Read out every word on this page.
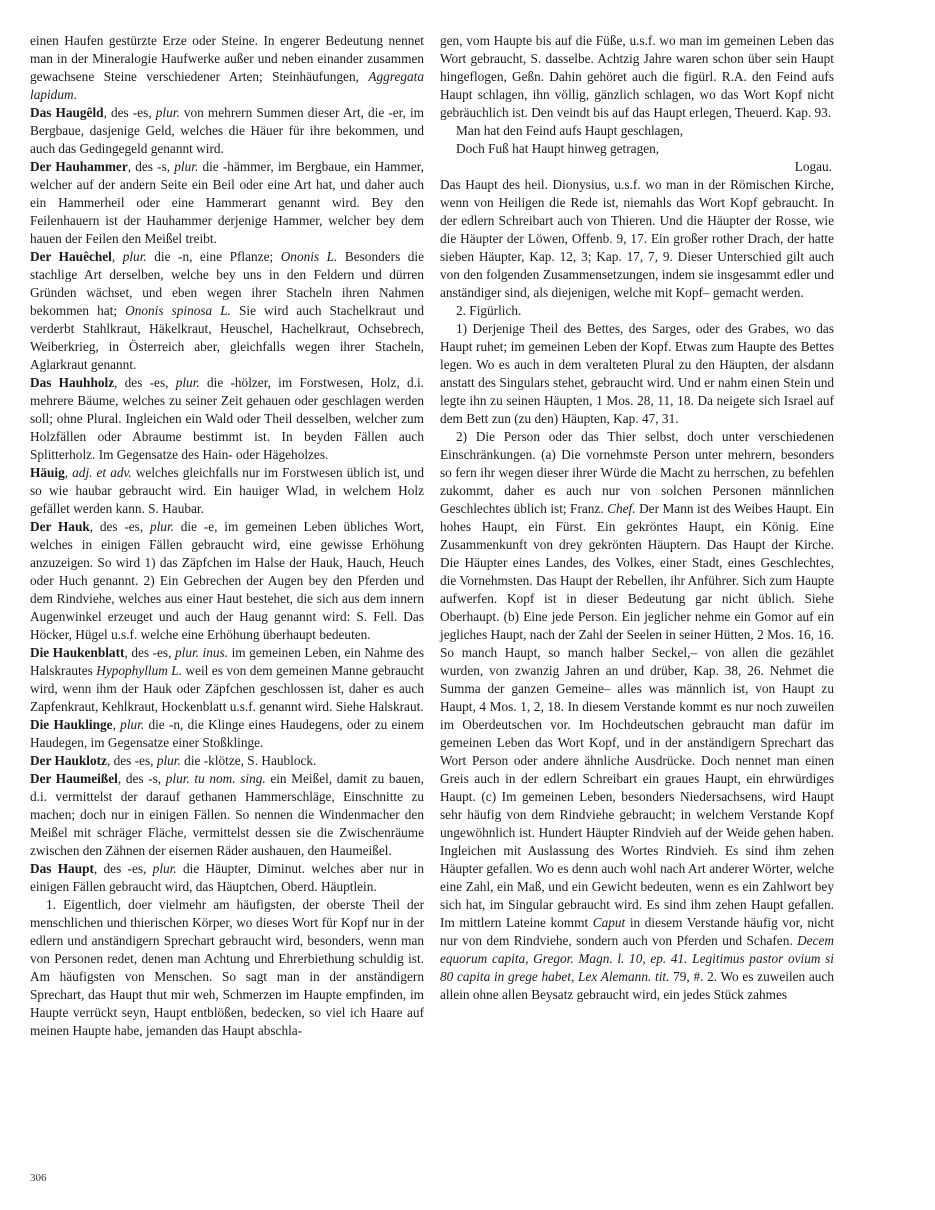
einen Haufen gestürzte Erze oder Steine. In engerer Bedeutung nennet man in der Mineralogie Haufwerke außer und neben einander zusammen gewachsene Steine verschiedener Arten; Steinhäufungen, Aggregata lapidum.

Das Haugêld, des -es, plur. von mehrern Summen dieser Art, die -er, im Bergbaue, dasjenige Geld, welches die Häuer für ihre bekommen, und auch das Gedingegeld genannt wird.

Der Hauhammer, des -s, plur. die -hämmer, im Bergbaue, ein Hammer, welcher auf der andern Seite ein Beil oder eine Art hat, und daher auch ein Hammerheil oder eine Hammerart genannt wird. Bey den Feilenhauern ist der Hauhammer derjenige Hammer, welcher bey dem hauen der Feilen den Meißel treibt.

Der Hauêchel, plur. die -n, eine Pflanze; Ononis L. Besonders die stachlige Art derselben, welche bey uns in den Feldern und dürren Gründen wächset, und eben wegen ihrer Stacheln ihren Nahmen bekommen hat; Ononis spinosa L. Sie wird auch Stachelkraut und verderbt Stahlkraut, Häkelkraut, Heuschel, Hachelkraut, Ochsebrech, Weiberkrieg, in Österreich aber, gleichfalls wegen ihrer Stacheln, Aglarkraut genannt.

Das Hauhholz, des -es, plur. die -hölzer, im Forstwesen, Holz, d.i. mehrere Bäume, welches zu seiner Zeit gehauen oder geschlagen werden soll; ohne Plural. Ingleichen ein Wald oder Theil desselben, welcher zum Holzfällen oder Abraume bestimmt ist. In beyden Fällen auch Splitterholz. Im Gegensatze des Hain- oder Hägeholzes.

Häuig, adj. et adv. welches gleichfalls nur im Forstwesen üblich ist, und so wie haubar gebraucht wird. Ein hauiger Wlad, in welchem Holz gefället werden kann. S. Haubar.

Der Hauk, des -es, plur. die -e, im gemeinen Leben übliches Wort, welches in einigen Fällen gebraucht wird, eine gewisse Erhöhung anzuzeigen. So wird 1) das Zäpfchen im Halse der Hauk, Hauch, Heuch oder Huch genannt. 2) Ein Gebrechen der Augen bey den Pferden und dem Rindviehe, welches aus einer Haut bestehet, die sich aus dem innern Augenwinkel erzeuget und auch der Haug genannt wird: S. Fell. Das Höcker, Hügel u.s.f. welche eine Erhöhung überhaupt bedeuten.

Die Haukenblatt, des -es, plur. inus. im gemeinen Leben, ein Nahme des Halskrautes Hypophyllum L. weil es von dem gemeinen Manne gebraucht wird, wenn ihm der Hauk oder Zäpfchen geschlossen ist, daher es auch Zapfenkraut, Kehlkraut, Hockenblatt u.s.f. genannt wird. Siehe Halskraut.

Die Hauklinge, plur. die -n, die Klinge eines Haudegens, oder zu einem Haudegen, im Gegensatze einer Stoßklinge.

Der Hauklotz, des -es, plur. die -klötze, S. Haublock.

Der Haumeißel, des -s, plur. tu nom. sing. ein Meißel, damit zu bauen, d.i. vermittelst der darauf gethanen Hammerschläge, Einschnitte zu machen; doch nur in einigen Fällen. So nennen die Windenmacher den Meißel mit schräger Fläche, vermittelst dessen sie die Zwischenräume zwischen den Zähnen der eisernen Räder aushauen, den Haumeißel.

Das Haupt, des -es, plur. die Häupter, Diminut. welches aber nur in einigen Fällen gebraucht wird, das Häuptchen, Oberd. Häuptlein.

1. Eigentlich, doer vielmehr am häufigsten, der oberste Theil der menschlichen und thierischen Körper, wo dieses Wort für Kopf nur in der edlern und anständigern Sprechart gebraucht wird, besonders, wenn man von Personen redet, denen man Achtung und Ehrerbiethung schuldig ist. Am häufigsten von Menschen. So sagt man in der anständigern Sprechart, das Haupt thut mir weh, Schmerzen im Haupte empfinden, im Haupte verrückt seyn, Haupt entblößen, bedecken, so viel ich Haare auf meinen Haupte habe, jemanden das Haupt abschla-

gen, vom Haupte bis auf die Füße, u.s.f. wo man im gemeinen Leben das Wort gebraucht, S. dasselbe. Achtzig Jahre waren schon über sein Haupt hingeflogen, Geßn. Dahin gehöret auch die figürl. R.A. den Feind aufs Haupt schlagen, ihn völlig, gänzlich schlagen, wo das Wort Kopf nicht gebräuchlich ist. Den veindt bis auf das Haupt erlegen, Theuerd. Kap. 93.

Man hat den Feind aufs Haupt geschlagen,

Doch Fuß hat Haupt hinweg getragen,

Logau.

Das Haupt des heil. Dionysius, u.s.f. wo man in der Römischen Kirche, wenn von Heiligen die Rede ist, niemahls das Wort Kopf gebraucht. In der edlern Schreibart auch von Thieren. Und die Häupter der Rosse, wie die Häupter der Löwen, Offenb. 9, 17. Ein großer rother Drach, der hatte sieben Häupter, Kap. 12, 3; Kap. 17, 7, 9. Dieser Unterschied gilt auch von den folgenden Zusammensetzungen, indem sie insgesammt edler und anständiger sind, als diejenigen, welche mit Kopf– gemacht werden.

2. Figürlich.

1) Derjenige Theil des Bettes, des Sarges, oder des Grabes, wo das Haupt ruhet; im gemeinen Leben der Kopf. Etwas zum Haupte des Bettes legen. Wo es auch in dem veralteten Plural zu den Häupten, der alsdann anstatt des Singulars stehet, gebraucht wird. Und er nahm einen Stein und legte ihn zu seinen Häupten, 1 Mos. 28, 11, 18. Da neigete sich Israel auf dem Bett zun (zu den) Häupten, Kap. 47, 31.

2) Die Person oder das Thier selbst, doch unter verschiedenen Einschränkungen. (a) Die vornehmste Person unter mehrern, besonders so fern ihr wegen dieser ihrer Würde die Macht zu herrschen, zu befehlen zukommt, daher es auch nur von solchen Personen männlichen Geschlechtes üblich ist; Franz. Chef. Der Mann ist des Weibes Haupt. Ein hohes Haupt, ein Fürst. Ein gekröntes Haupt, ein König. Eine Zusammenkunft von drey gekrönten Häuptern. Das Haupt der Kirche. Die Häupter eines Landes, des Volkes, einer Stadt, eines Geschlechtes, die Vornehmsten. Das Haupt der Rebellen, ihr Anführer. Sich zum Haupte aufwerfen. Kopf ist in dieser Bedeutung gar nicht üblich. Siehe Oberhaupt. (b) Eine jede Person. Ein jeglicher nehme ein Gomor auf ein jegliches Haupt, nach der Zahl der Seelen in seiner Hütten, 2 Mos. 16, 16. So manch Haupt, so manch halber Seckel,– von allen die gezählet wurden, von zwanzig Jahren an und drüber, Kap. 38, 26. Nehmet die Summa der ganzen Gemeine– alles was männlich ist, von Haupt zu Haupt, 4 Mos. 1, 2, 18. In diesem Verstande kommt es nur noch zuweilen im Oberdeutschen vor. Im Hochdeutschen gebraucht man dafür im gemeinen Leben das Wort Kopf, und in der anständigern Sprechart das Wort Person oder andere ähnliche Ausdrücke. Doch nennet man einen Greis auch in der edlern Schreibart ein graues Haupt, ein ehrwürdiges Haupt. (c) Im gemeinen Leben, besonders Niedersachsens, wird Haupt sehr häufig von dem Rindviehe gebraucht; in welchem Verstande Kopf ungewöhnlich ist. Hundert Häupter Rindvieh auf der Weide gehen haben. Ingleichen mit Auslassung des Wortes Rindvieh. Es sind ihm zehen Häupter gefallen. Wo es denn auch wohl nach Art anderer Wörter, welche eine Zahl, ein Maß, und ein Gewicht bedeuten, wenn es ein Zahlwort bey sich hat, im Singular gebraucht wird. Es sind ihm zehen Haupt gefallen. Im mittlern Lateine kommt Caput in diesem Verstande häufig vor, nicht nur von dem Rindviehe, sondern auch von Pferden und Schafen. Decem equorum capita, Gregor. Magn. l. 10, ep. 41. Legitimus pastor ovium si 80 capita in grege habet, Lex Alemann. tit. 79, #. 2. Wo es zuweilen auch allein ohne allen Beysatz gebraucht wird, ein jedes Stück zahmes

306
